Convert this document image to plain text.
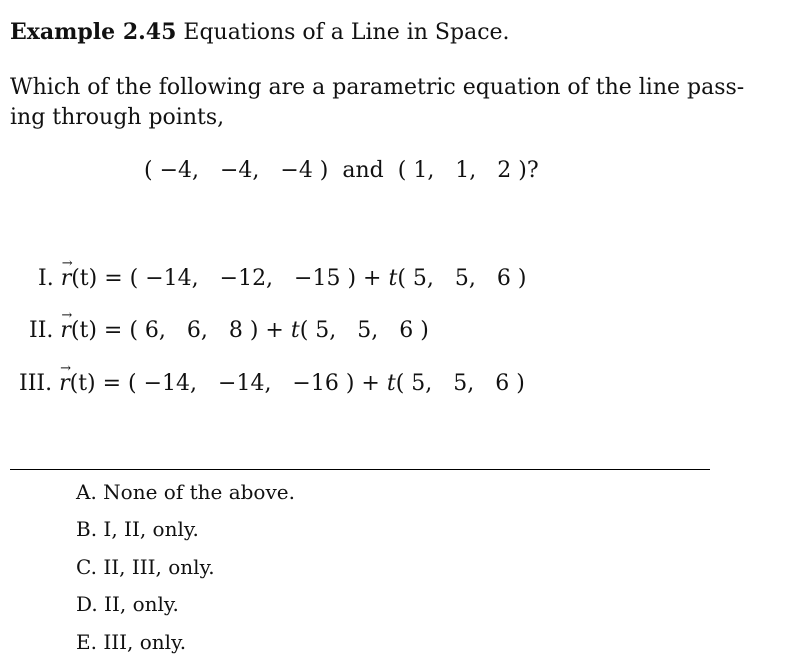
Example 2.45 Equations of a Line in Space.
Which of the following are a parametric equation of the line pass-
ing through points,
( −4,   −4,   −4 ) and ( 1,   1,   2 )?
I. → r(t) = ( −14,   −12,   −15 ) + t( 5,   5,   6 )
II. → r(t) = ( 6,   6,   8 ) + t( 5,   5,   6 )
III. → r(t) = ( −14,   −14,   −16 ) + t( 5,   5,   6 )
A. None of the above.
B. I, II, only.
C. II, III, only.
D. II, only.
E. III, only.
